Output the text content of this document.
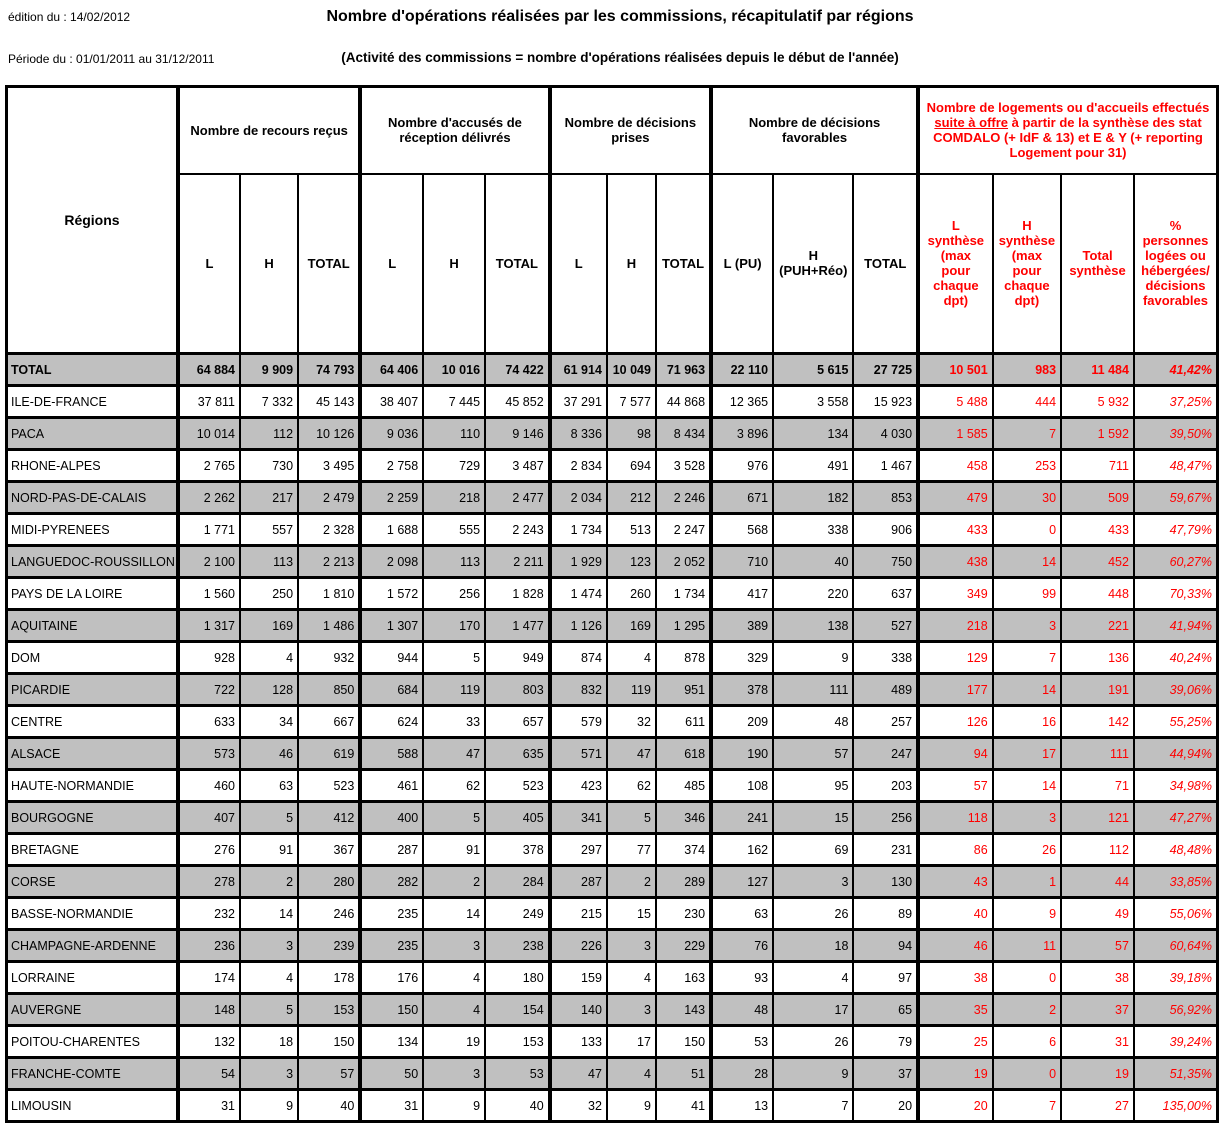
édition du : 14/02/2012
Période du : 01/01/2011 au 31/12/2011
Nombre d'opérations réalisées par les commissions, récapitulatif par régions
(Activité des commissions = nombre d'opérations réalisées depuis le début de l'année)
Régions	Nombre de recours reçus			Nombre d'accusés de réception délivrés			Nombre de décisions prises			Nombre de décisions favorables			Nombre de logements ou d'accueils effectués suite à offre à partir de la synthèse des stat COMDALO (+ IdF & 13) et E & Y (+ reporting Logement pour 31)			
	L	H	TOTAL	L	H	TOTAL	L	H	TOTAL	L (PU)	H (PUH+Réo)	TOTAL	L synthèse (max pour chaque dpt)	H synthèse (max pour chaque dpt)	Total synthèse	% personnes logées ou hébergées/ décisions favorables
TOTAL	64 884	9 909	74 793	64 406	10 016	74 422	61 914	10 049	71 963	22 110	5 615	27 725	10 501	983	11 484	41,42%
ILE-DE-FRANCE	37 811	7 332	45 143	38 407	7 445	45 852	37 291	7 577	44 868	12 365	3 558	15 923	5 488	444	5 932	37,25%
PACA	10 014	112	10 126	9 036	110	9 146	8 336	98	8 434	3 896	134	4 030	1 585	7	1 592	39,50%
RHONE-ALPES	2 765	730	3 495	2 758	729	3 487	2 834	694	3 528	976	491	1 467	458	253	711	48,47%
NORD-PAS-DE-CALAIS	2 262	217	2 479	2 259	218	2 477	2 034	212	2 246	671	182	853	479	30	509	59,67%
MIDI-PYRENEES	1 771	557	2 328	1 688	555	2 243	1 734	513	2 247	568	338	906	433	0	433	47,79%
LANGUEDOC-ROUSSILLON	2 100	113	2 213	2 098	113	2 211	1 929	123	2 052	710	40	750	438	14	452	60,27%
PAYS DE LA LOIRE	1 560	250	1 810	1 572	256	1 828	1 474	260	1 734	417	220	637	349	99	448	70,33%
AQUITAINE	1 317	169	1 486	1 307	170	1 477	1 126	169	1 295	389	138	527	218	3	221	41,94%
DOM	928	4	932	944	5	949	874	4	878	329	9	338	129	7	136	40,24%
PICARDIE	722	128	850	684	119	803	832	119	951	378	111	489	177	14	191	39,06%
CENTRE	633	34	667	624	33	657	579	32	611	209	48	257	126	16	142	55,25%
ALSACE	573	46	619	588	47	635	571	47	618	190	57	247	94	17	111	44,94%
HAUTE-NORMANDIE	460	63	523	461	62	523	423	62	485	108	95	203	57	14	71	34,98%
BOURGOGNE	407	5	412	400	5	405	341	5	346	241	15	256	118	3	121	47,27%
BRETAGNE	276	91	367	287	91	378	297	77	374	162	69	231	86	26	112	48,48%
CORSE	278	2	280	282	2	284	287	2	289	127	3	130	43	1	44	33,85%
BASSE-NORMANDIE	232	14	246	235	14	249	215	15	230	63	26	89	40	9	49	55,06%
CHAMPAGNE-ARDENNE	236	3	239	235	3	238	226	3	229	76	18	94	46	11	57	60,64%
LORRAINE	174	4	178	176	4	180	159	4	163	93	4	97	38	0	38	39,18%
AUVERGNE	148	5	153	150	4	154	140	3	143	48	17	65	35	2	37	56,92%
POITOU-CHARENTES	132	18	150	134	19	153	133	17	150	53	26	79	25	6	31	39,24%
FRANCHE-COMTE	54	3	57	50	3	53	47	4	51	28	9	37	19	0	19	51,35%
LIMOUSIN	31	9	40	31	9	40	32	9	41	13	7	20	20	7	27	135,00%
